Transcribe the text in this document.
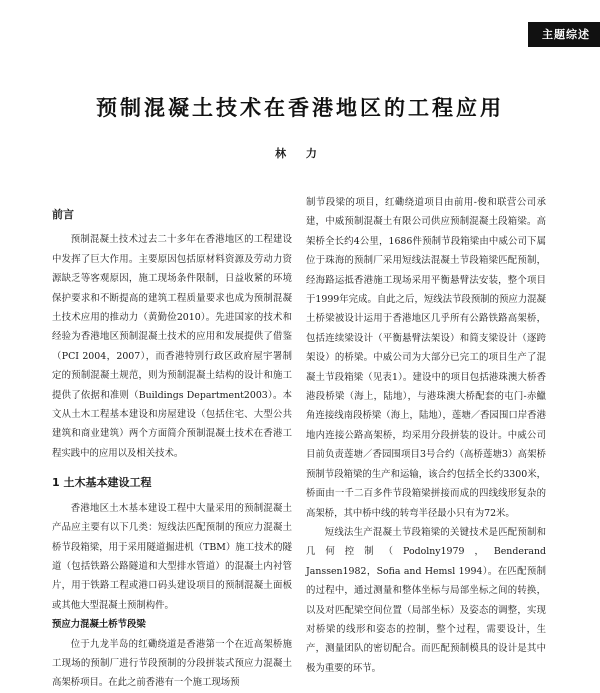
主题综述
预制混凝土技术在香港地区的工程应用
林 力
前言

预制混凝土技术过去二十多年在香港地区的工程建设中发挥了巨大作用。主要原因包括原材料资源及劳动力资源缺乏等客观原因，施工现场条件限制，日益收紧的环境保护要求和不断提高的建筑工程质量要求也成为预制混凝土技术应用的推动力（黄勤俭2010）。先进国家的技术和经验为香港地区预制混凝土技术的应用和发展提供了借鉴（PCI 2004，2007），而香港特别行政区政府屋宇署制定的预制混凝土规范，则为预制混凝土结构的设计和施工提供了依据和准则（Buildings Department2003）。本文从土木工程基本建设和房屋建设（包括住宅、大型公共建筑和商业建筑）两个方面简介预制混凝土技术在香港工程实践中的应用以及相关技术。

1 土木基本建设工程

香港地区土木基本建设工程中大量采用的预制混凝土产品应主要有以下几类：短线法匹配预制的预应力混凝土桥节段箱梁，用于采用隧道掘进机（TBM）施工技术的隧道（包括铁路公路隧道和大型排水管道）的混凝土内衬管片，用于铁路工程或港口码头建设项目的预制混凝土面板或其他大型混凝土预制构件。

预应力混凝土桥节段梁

位于九龙半岛的红磡绕道是香港第一个在近高架桥施工现场的预制厂进行节段预制的分段拼装式预应力混凝土高架桥项目。在此之前香港有一个施工现场预

制节段梁的项目，红磡绕道项目由前用-俊和联营公司承建，中威预制混凝土有限公司供应预制混凝土段箱梁。高架桥全长约4公里，1686件预制节段箱梁由中威公司下属位于珠海的预制厂采用短线法混凝土节段箱梁匹配预制，经海路运抵香港施工现场采用平衡悬臂法安装，整个项目于1999年完成。自此之后，短线法节段预制的预应力混凝土桥梁被设计运用于香港地区几乎所有公路铁路高架桥，包括连续梁设计（平衡悬臂法架设）和简支梁设计（逐跨架设）的桥梁。中威公司为大部分已完工的项目生产了混凝土节段箱梁（见表1）。建设中的项目包括港珠澳大桥香港段桥梁（海上，陆地），与港珠澳大桥配套的屯门-赤鱲角连接线南段桥梁（海上，陆地），莲塘／香园围口岸香港地内连接公路高架桥，均采用分段拼装的设计。中威公司目前负责莲塘／香园围项目3号合约（高桥莲塘3）高架桥预制节段箱梁的生产和运输，该合约包括全长约3300米，桥面由一千二百多件节段箱梁拼接而成的四线线形复杂的高架桥，其中桥中线的转弯半径最小只有为72米。

短线法生产混凝土节段箱梁的关键技术是匹配预制和几何控制（Podolny1979，Benderand Janssen1982，Sofia and Hemsl 1994）。在匹配预制的过程中，通过测量和整体坐标与局部坐标之间的转换，以及对匹配梁空间位置（局部坐标）及姿态的调整，实现对桥梁的线形和姿态的控制，整个过程，需要设计，生产，测量团队的密切配合。而匹配预制模具的设计是其中极为重要的环节。
